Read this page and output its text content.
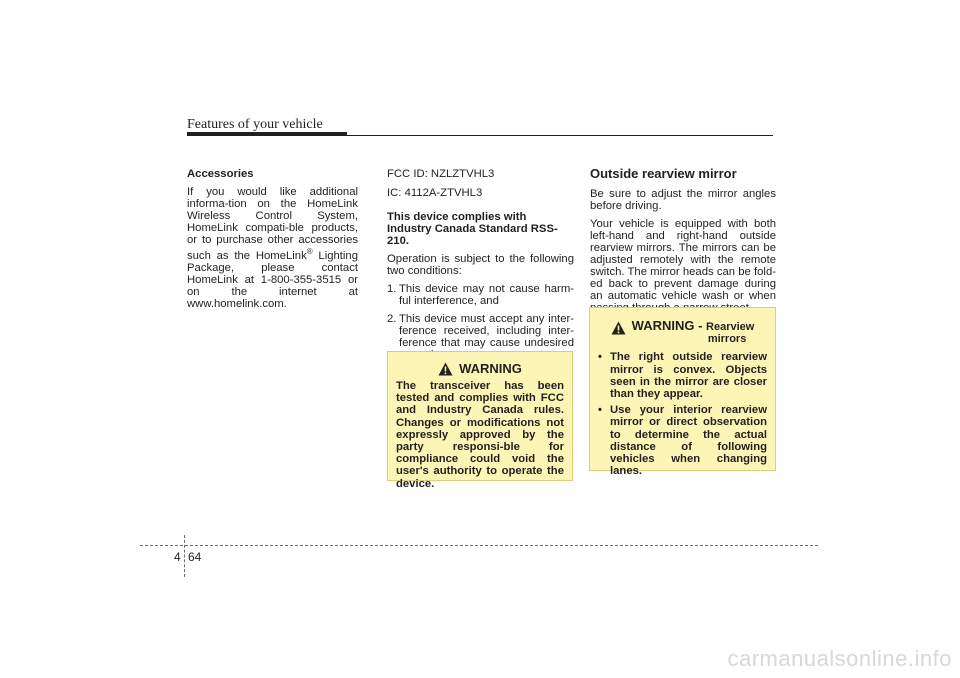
Features of your vehicle

Accessories

If you would like additional informa-tion on the HomeLink Wireless Control System, HomeLink compati-ble products, or to purchase other accessories such as the HomeLink® Lighting Package, please contact HomeLink at 1-800-355-3515 or on the internet at www.homelink.com.

FCC ID: NZLZTVHL3

IC: 4112A-ZTVHL3

This device complies with Industry Canada Standard RSS-210.

Operation is subject to the following two conditions:

1. This device may not cause harm-ful interference, and
2. This device must accept any inter-ference received, including inter-ference that may cause undesired
WARNING
The transceiver has been tested and complies with FCC and Industry Canada rules. Changes or modifications not expressly approved by the party responsi-ble for compliance could void the user's authority to operate the device.

Outside rearview mirror

Be sure to adjust the mirror angles before driving.

Your vehicle is equipped with both left-hand and right-hand outside rearview mirrors. The mirrors can be adjusted remotely with the remote switch. The mirror heads can be fold-ed back to prevent damage during an automatic vehicle wash or when

WARNING - Rearview
mirrors
• The right outside rearview mirror is convex. Objects seen in the mirror are closer than they appear.
• Use your interior rearview mirror or direct observation to determine the actual distance of following vehicles when changing lanes.
4 64
carmanualsonline.info
